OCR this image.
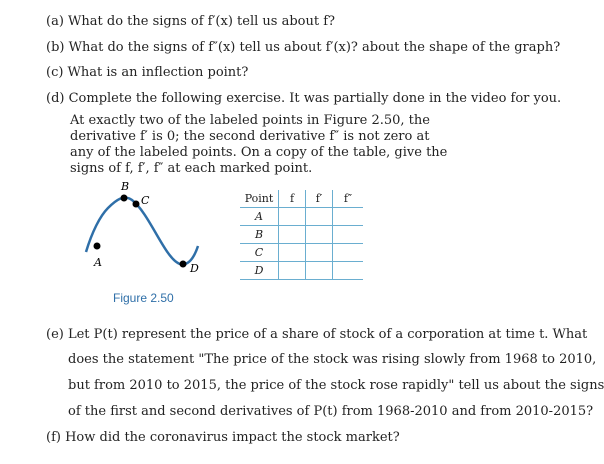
(a) What do the signs of f′(x) tell us about f?
(b) What do the signs of f″(x) tell us about f′(x)? about the shape of the graph?
(c) What is an inflection point?
(d) Complete the following exercise. It was partially done in the video for you.
At exactly two of the labeled points in Figure 2.50, the
derivative f′ is 0; the second derivative f″ is not zero at
any of the labeled points. On a copy of the table, give the
signs of f, f′, f″ at each marked point.
A
B
C
D
Figure 2.50
Point	f	f′	f″
A			
B			
C			
D			
(e) Let P(t) represent the price of a share of stock of a corporation at time t. What
does the statement "The price of the stock was rising slowly from 1968 to 2010,
but from 2010 to 2015, the price of the stock rose rapidly" tell us about the signs
of the first and second derivatives of P(t) from 1968-2010 and from 2010-2015?
(f) How did the coronavirus impact the stock market?
